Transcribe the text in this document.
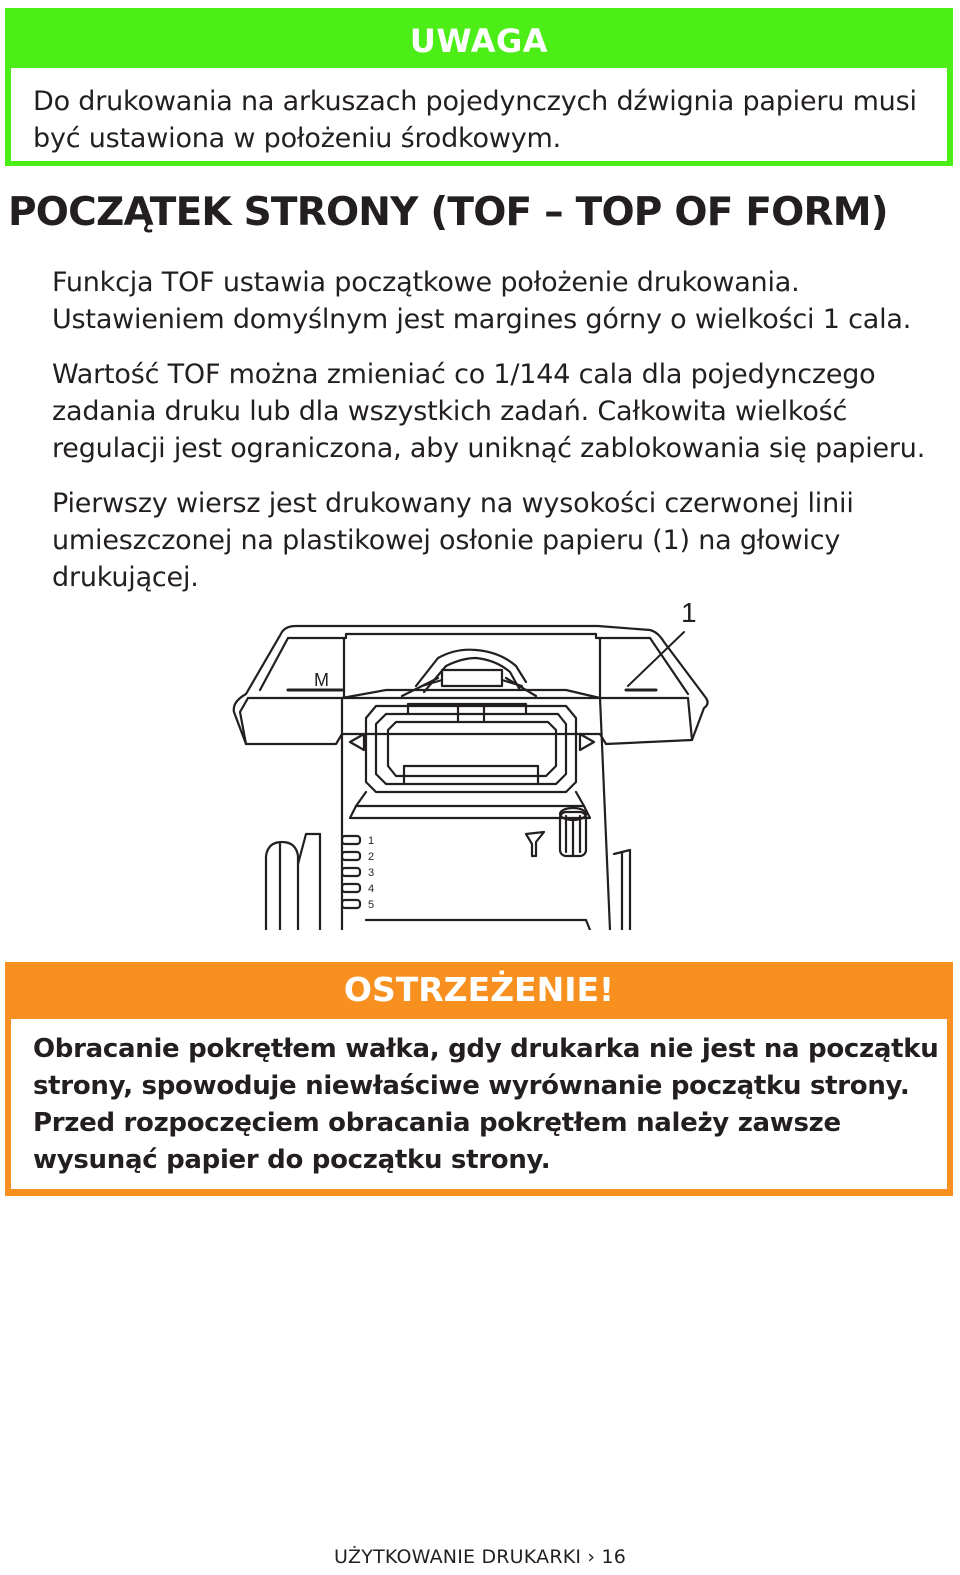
UWAGA
Do drukowania na arkuszach pojedynczych dźwignia papieru musi być ustawiona w położeniu środkowym.
POCZĄTEK STRONY (TOF – TOP OF FORM)

Funkcja TOF ustawia początkowe położenie drukowania. Ustawieniem domyślnym jest margines górny o wielkości 1 cala.

Wartość TOF można zmieniać co 1/144 cala dla pojedynczego zadania druku lub dla wszystkich zadań. Całkowita wielkość regulacji jest ograniczona, aby uniknąć zablokowania się papieru.

Pierwszy wiersz jest drukowany na wysokości czerwonej linii umieszczonej na plastikowej osłonie papieru (1) na głowicy drukującej.

1
M
1
2
3
4
5
OSTRZEŻENIE!
Obracanie pokrętłem wałka, gdy drukarka nie jest na początku strony, spowoduje niewłaściwe wyrównanie początku strony. Przed rozpoczęciem obracania pokrętłem należy zawsze wysunąć papier do początku strony.
UŻYTKOWANIE DRUKARKI › 16
